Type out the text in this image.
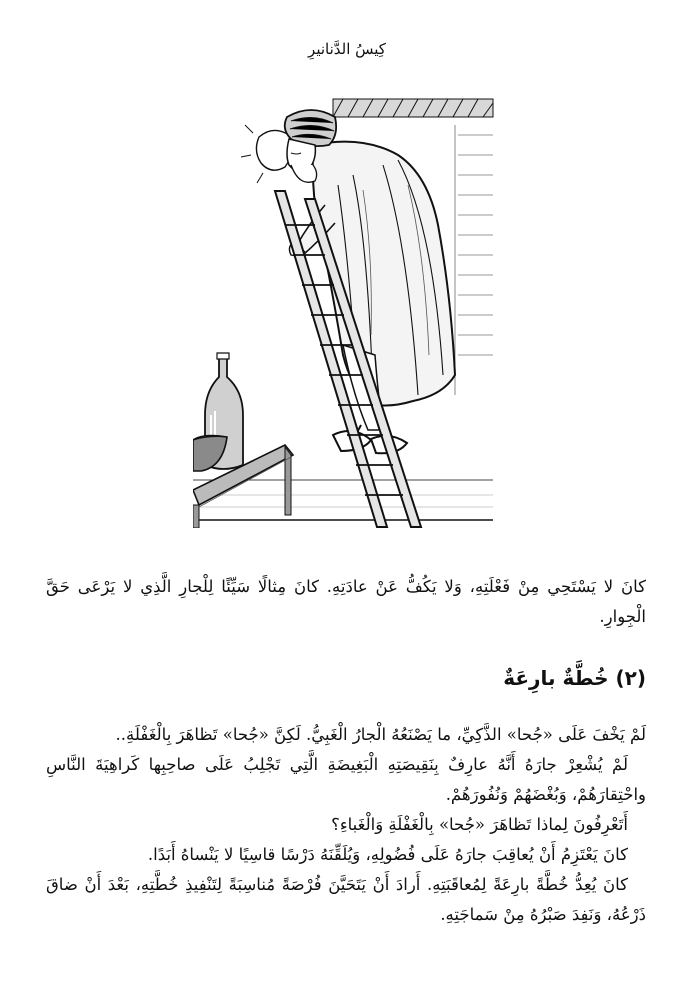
كِيسُ الدَّنانيرِ
كانَ لا يَسْتَحِي مِنْ فَعْلَتِهِ، وَلا يَكُفُّ عَنْ عادَتِهِ. كانَ مِثالًا سَيِّئًا لِلْجارِ الَّذِي لا يَرْعَى حَقَّ الْجِوارِ.
(٢) خُطَّةٌ بارِعَةٌ

لَمْ يَخْفَ عَلَى «جُحا» الذَّكِيِّ، ما يَصْنَعُهُ الْجارُ الْغَبِيُّ. لَكِنَّ «جُحا» تَظاهَرَ بِالْغَفْلَةِ..

لَمْ يُشْعِرْ جارَهُ أَنَّهُ عارِفٌ بِنَقِيصَتِهِ الْبَغِيضَةِ الَّتِي تَجْلِبُ عَلَى صاحِبِها كَراهِيَةَ النَّاسِ واحْتِقارَهُمْ، وَبُغْضَهُمْ وَنُفُورَهُمْ.

أَتَعْرِفُونَ لِماذا تَظاهَرَ «جُحا» بِالْغَفْلَةِ وَالْغَباءِ؟

كانَ يَعْتَزِمُ أَنْ يُعاقِبَ جارَهُ عَلَى فُضُولِهِ، وَيُلَقِّنَهُ دَرْسًا قاسِيًا لا يَنْساهُ أَبَدًا.

كانَ يُعِدُّ خُطَّةً بارِعَةً لِمُعاقَبَتِهِ. أَرادَ أَنْ يَتَحَيَّنَ فُرْصَةً مُناسِبَةً لِتَنْفِيذِ خُطَّتِهِ، بَعْدَ أَنْ ضاقَ ذَرْعُهُ، وَنَفِدَ صَبْرُهُ مِنْ سَماجَتِهِ.
